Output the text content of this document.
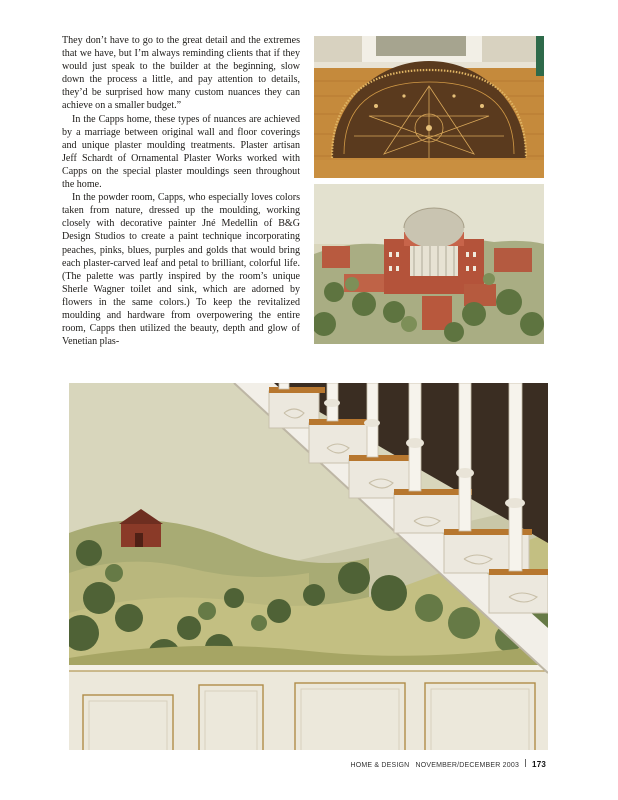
They don’t have to go to the great detail and the extremes that we have, but I’m always reminding clients that if they would just speak to the builder at the beginning, slow down the process a little, and pay attention to details, they’d be surprised how many custom nuances they can achieve on a smaller budget.”

In the Capps home, these types of nuances are achieved by a marriage between original wall and floor coverings and unique plaster moulding treatments. Plaster artisan Jeff Schardt of Ornamental Plaster Works worked with Capps on the special plaster mouldings seen throughout the home.

In the powder room, Capps, who especially loves colors taken from nature, dressed up the moulding, working closely with decorative painter Jné Medellin of B&G Design Studios to create a paint technique incorporating peaches, pinks, blues, purples and golds that would bring each plaster-carved leaf and petal to brilliant, colorful life. (The palette was partly inspired by the room’s unique Sherle Wagner toilet and sink, which are adorned by flowers in the same colors.) To keep the revitalized moulding and hardware from overpowering the entire room, Capps then utilized the beauty, depth and glow of Venetian plas-

HOME & DESIGN NOVEMBER/DECEMBER 2003 173
